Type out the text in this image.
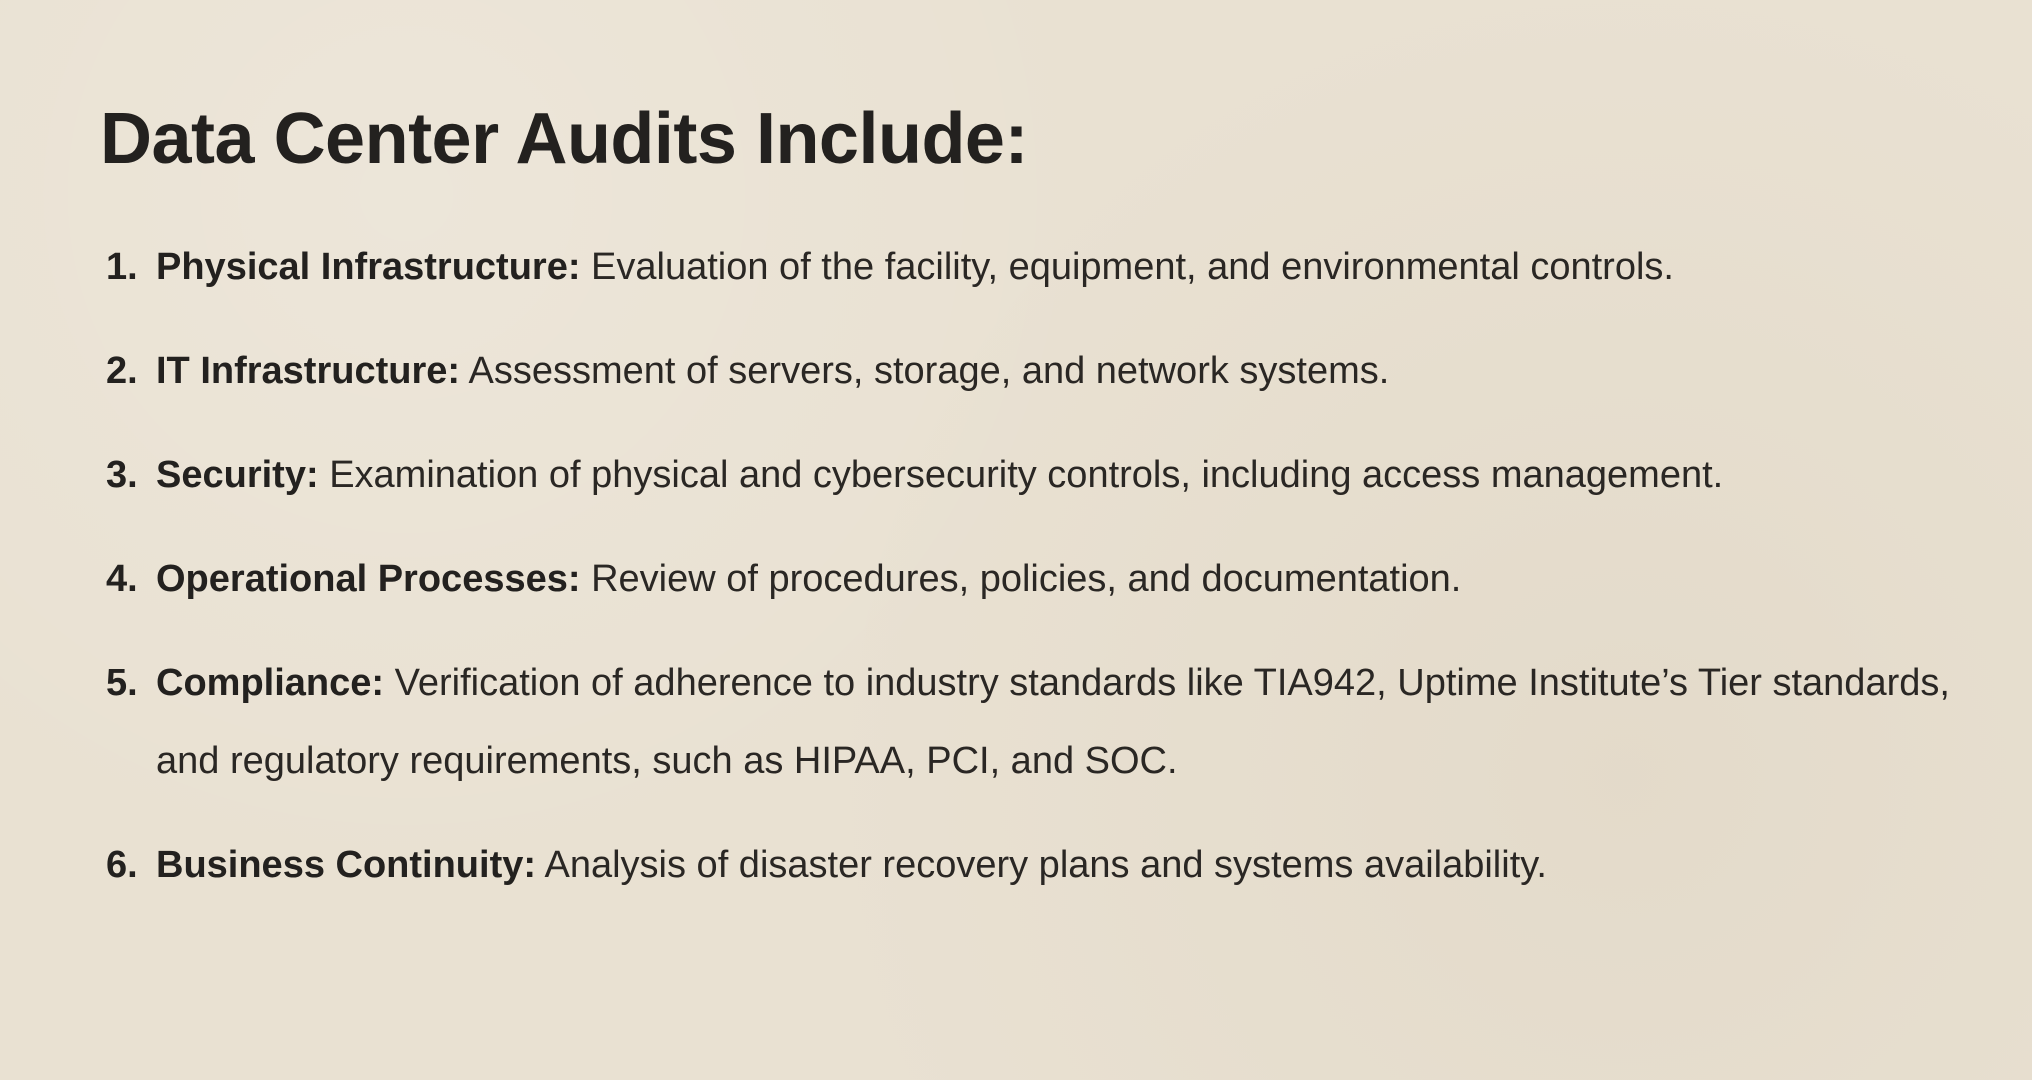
Data Center Audits Include:
1. Physical Infrastructure: Evaluation of the facility, equipment, and environmental controls.
2. IT Infrastructure: Assessment of servers, storage, and network systems.
3. Security: Examination of physical and cybersecurity controls, including access management.
4. Operational Processes: Review of procedures, policies, and documentation.
5. Compliance: Verification of adherence to industry standards like TIA942, Uptime Institute’s Tier standards, and regulatory requirements, such as HIPAA, PCI, and SOC.
6. Business Continuity: Analysis of disaster recovery plans and systems availability.
